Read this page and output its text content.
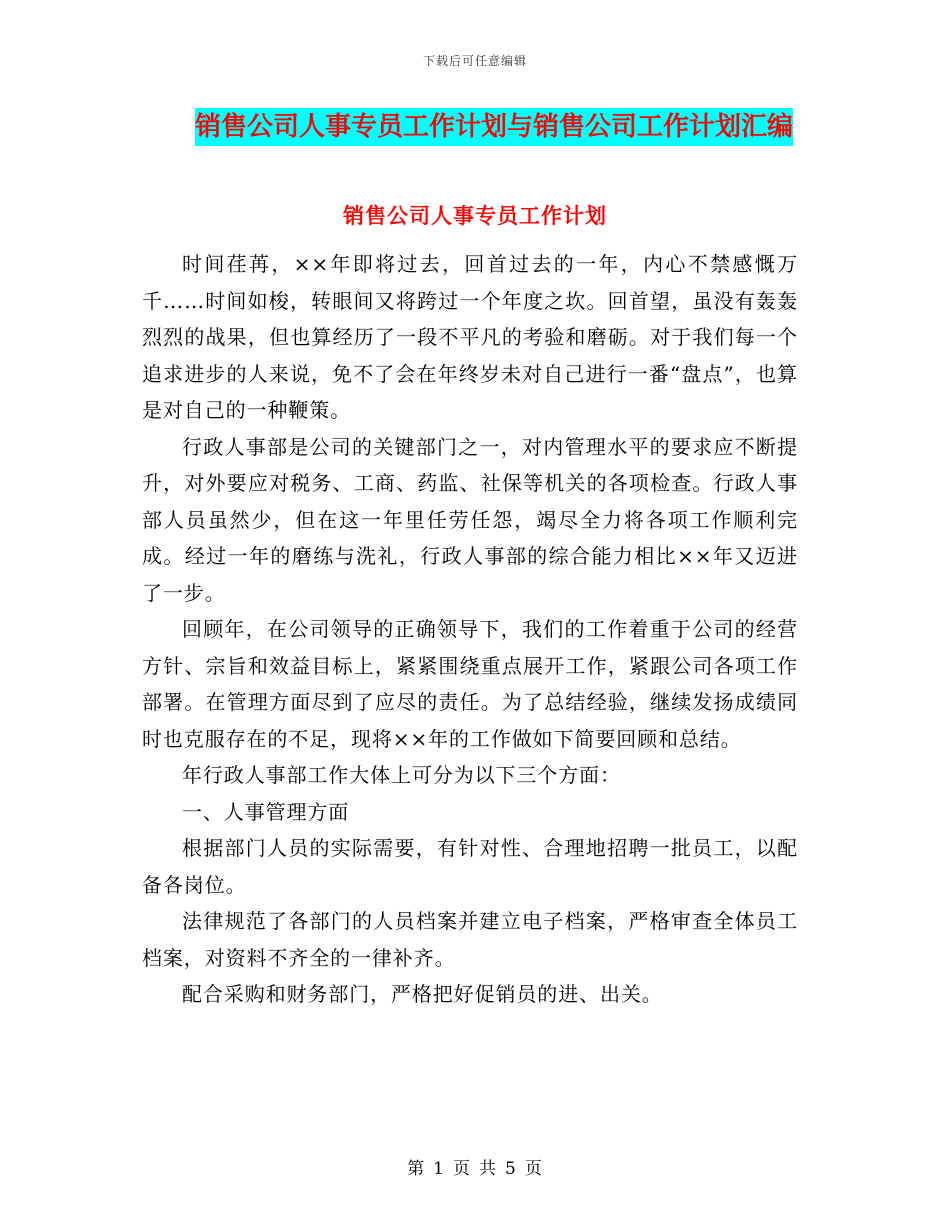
下载后可任意编辑
销售公司人事专员工作计划与销售公司工作计划汇编
销售公司人事专员工作计划

时间荏苒，××年即将过去，回首过去的一年，内心不禁感慨万千……时间如梭，转眼间又将跨过一个年度之坎。回首望，虽没有轰轰烈烈的战果，但也算经历了一段不平凡的考验和磨砺。对于我们每一个追求进步的人来说，免不了会在年终岁未对自己进行一番“盘点”，也算是对自己的一种鞭策。

行政人事部是公司的关键部门之一，对内管理水平的要求应不断提升，对外要应对税务、工商、药监、社保等机关的各项检查。行政人事部人员虽然少，但在这一年里任劳任怨，竭尽全力将各项工作顺利完成。经过一年的磨练与洗礼，行政人事部的综合能力相比××年又迈进了一步。

回顾年，在公司领导的正确领导下，我们的工作着重于公司的经营方针、宗旨和效益目标上，紧紧围绕重点展开工作，紧跟公司各项工作部署。在管理方面尽到了应尽的责任。为了总结经验，继续发扬成绩同时也克服存在的不足，现将××年的工作做如下简要回顾和总结。

年行政人事部工作大体上可分为以下三个方面：

一、人事管理方面

根据部门人员的实际需要，有针对性、合理地招聘一批员工，以配备各岗位。

法律规范了各部门的人员档案并建立电子档案，严格审查全体员工档案，对资料不齐全的一律补齐。

配合采购和财务部门，严格把好促销员的进、出关。

第 1 页 共 5 页
